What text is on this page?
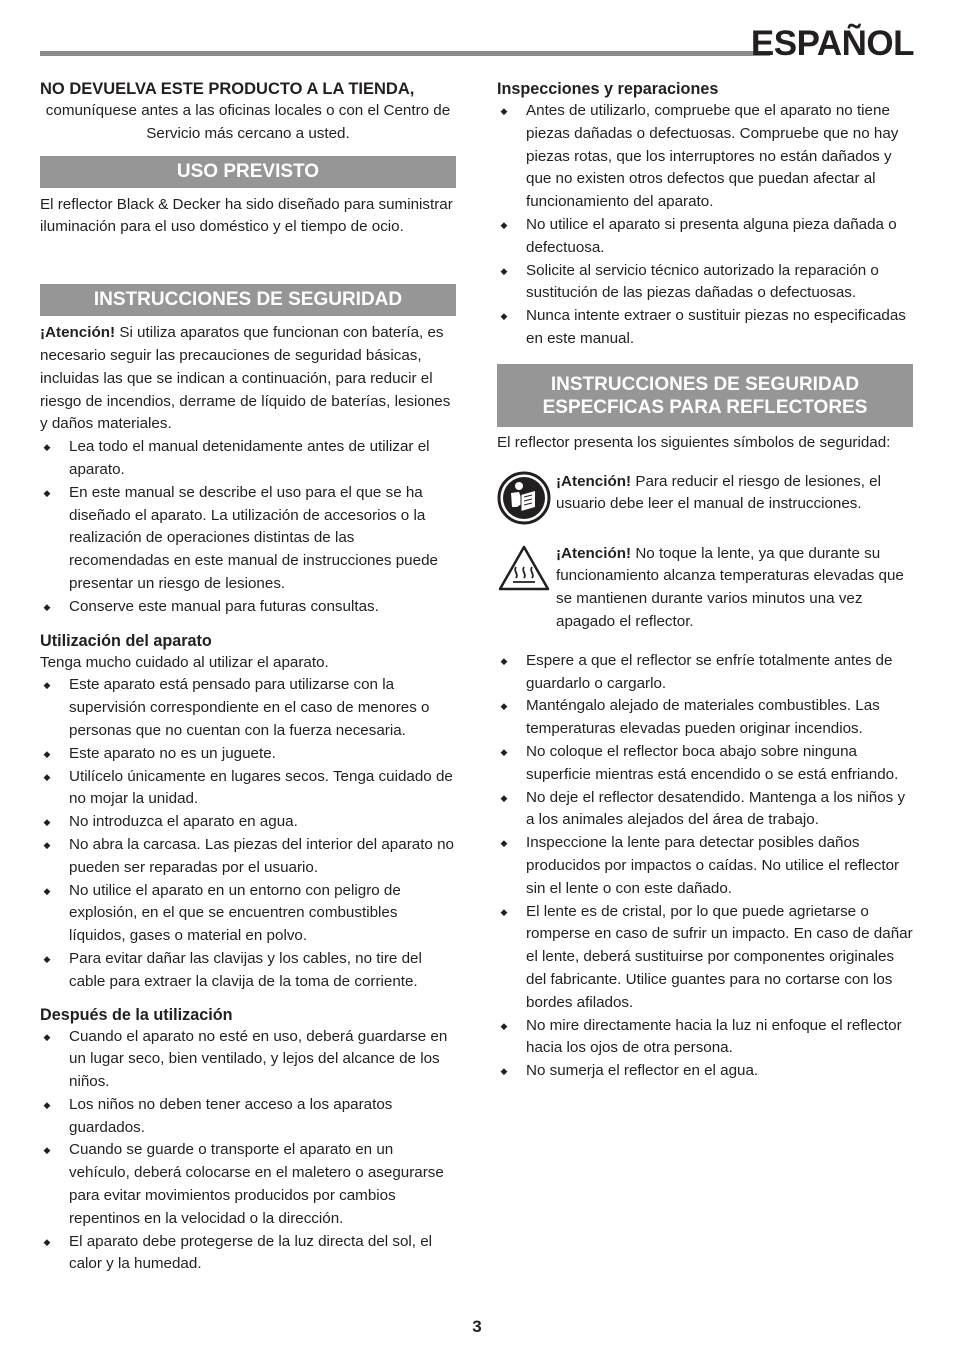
ESPAÑOL
NO DEVUELVA ESTE PRODUCTO A LA TIENDA,

comuníquese antes a las oficinas locales o con el Centro de Servicio más cercano a usted.

USO PREVISTO

El reflector Black & Decker ha sido diseñado para suministrar iluminación para el uso doméstico y el tiempo de ocio.

INSTRUCCIONES DE SEGURIDAD

¡Atención! Si utiliza aparatos que funcionan con batería, es necesario seguir las precauciones de seguridad básicas, incluidas las que se indican a continuación, para reducir el riesgo de incendios, derrame de líquido de baterías, lesiones y daños materiales.

◆ Lea todo el manual detenidamente antes de utilizar el aparato.
◆ En este manual se describe el uso para el que se ha diseñado el aparato. La utilización de accesorios o la realización de operaciones distintas de las recomendadas en este manual de instrucciones puede presentar un riesgo de lesiones.
◆ Conserve este manual para futuras consultas.
Utilización del aparato

Tenga mucho cuidado al utilizar el aparato.

◆ Este aparato está pensado para utilizarse con la supervisión correspondiente en el caso de menores o personas que no cuentan con la fuerza necesaria.
◆ Este aparato no es un juguete.
◆ Utilícelo únicamente en lugares secos. Tenga cuidado de no mojar la unidad.
◆ No introduzca el aparato en agua.
◆ No abra la carcasa. Las piezas del interior del aparato no pueden ser reparadas por el usuario.
◆ No utilice el aparato en un entorno con peligro de explosión, en el que se encuentren combustibles líquidos, gases o material en polvo.
◆ Para evitar dañar las clavijas y los cables, no tire del cable para extraer la clavija de la toma de corriente.
Después de la utilización
◆ Cuando el aparato no esté en uso, deberá guardarse en un lugar seco, bien ventilado, y lejos del alcance de los niños.
◆ Los niños no deben tener acceso a los aparatos guardados.
◆ Cuando se guarde o transporte el aparato en un vehículo, deberá colocarse en el maletero o asegurarse para evitar movimientos producidos por cambios repentinos en la velocidad o la dirección.
◆ El aparato debe protegerse de la luz directa del sol, el calor y la humedad.
Inspecciones y reparaciones
◆ Antes de utilizarlo, compruebe que el aparato no tiene piezas dañadas o defectuosas. Compruebe que no hay piezas rotas, que los interruptores no están dañados y que no existen otros defectos que puedan afectar al funcionamiento del aparato.
◆ No utilice el aparato si presenta alguna pieza dañada o defectuosa.
◆ Solicite al servicio técnico autorizado la reparación o sustitución de las piezas dañadas o defectuosas.
◆ Nunca intente extraer o sustituir piezas no especificadas en este manual.
INSTRUCCIONES DE SEGURIDAD
ESPECFICAS PARA REFLECTORES

El reflector presenta los siguientes símbolos de seguridad:

¡Atención! Para reducir el riesgo de lesiones, el usuario debe leer el manual de instrucciones.

¡Atención! No toque la lente, ya que durante su funcionamiento alcanza temperaturas elevadas que se mantienen durante varios minutos una vez apagado el reflector.

◆ Espere a que el reflector se enfríe totalmente antes de guardarlo o cargarlo.
◆ Manténgalo alejado de materiales combustibles. Las temperaturas elevadas pueden originar incendios.
◆ No coloque el reflector boca abajo sobre ninguna superficie mientras está encendido o se está enfriando.
◆ No deje el reflector desatendido. Mantenga a los niños y a los animales alejados del área de trabajo.
◆ Inspeccione la lente para detectar posibles daños producidos por impactos o caídas. No utilice el reflector sin el lente o con este dañado.
◆ El lente es de cristal, por lo que puede agrietarse o romperse en caso de sufrir un impacto. En caso de dañar el lente, deberá sustituirse por componentes originales del fabricante. Utilice guantes para no cortarse con los bordes afilados.
◆ No mire directamente hacia la luz ni enfoque el reflector hacia los ojos de otra persona.
◆ No sumerja el reflector en el agua.
3
